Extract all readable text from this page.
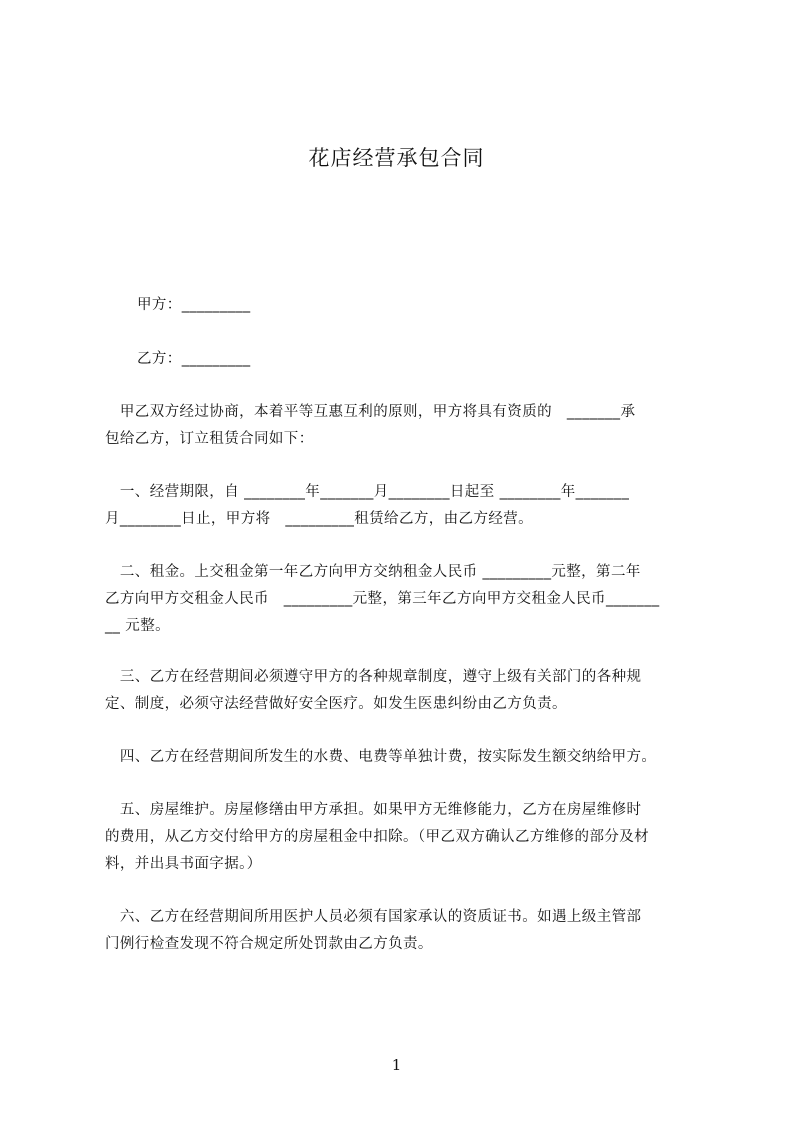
花店经营承包合同
甲方：_________
乙方：_________
　甲乙双方经过协商，本着平等互惠互利的原则，甲方将具有资质的　_______承
包给乙方，订立租赁合同如下：
　一、经营期限，自 ________年_______月________日起至 ________年_______
月________日止，甲方将　_________租赁给乙方，由乙方经营。
　二、租金。上交租金第一年乙方向甲方交纳租金人民币 _________元整，第二年
乙方向甲方交租金人民币　_________元整，第三年乙方向甲方交租金人民币_______
__ 元整。
　三、乙方在经营期间必须遵守甲方的各种规章制度，遵守上级有关部门的各种规
定、制度，必须守法经营做好安全医疗。如发生医患纠纷由乙方负责。
　四、乙方在经营期间所发生的水费、电费等单独计费，按实际发生额交纳给甲方。
　五、房屋维护。房屋修缮由甲方承担。如果甲方无维修能力，乙方在房屋维修时
的费用，从乙方交付给甲方的房屋租金中扣除。（甲乙双方确认乙方维修的部分及材
料，并出具书面字据。）
　六、乙方在经营期间所用医护人员必须有国家承认的资质证书。如遇上级主管部
门例行检查发现不符合规定所处罚款由乙方负责。
1
